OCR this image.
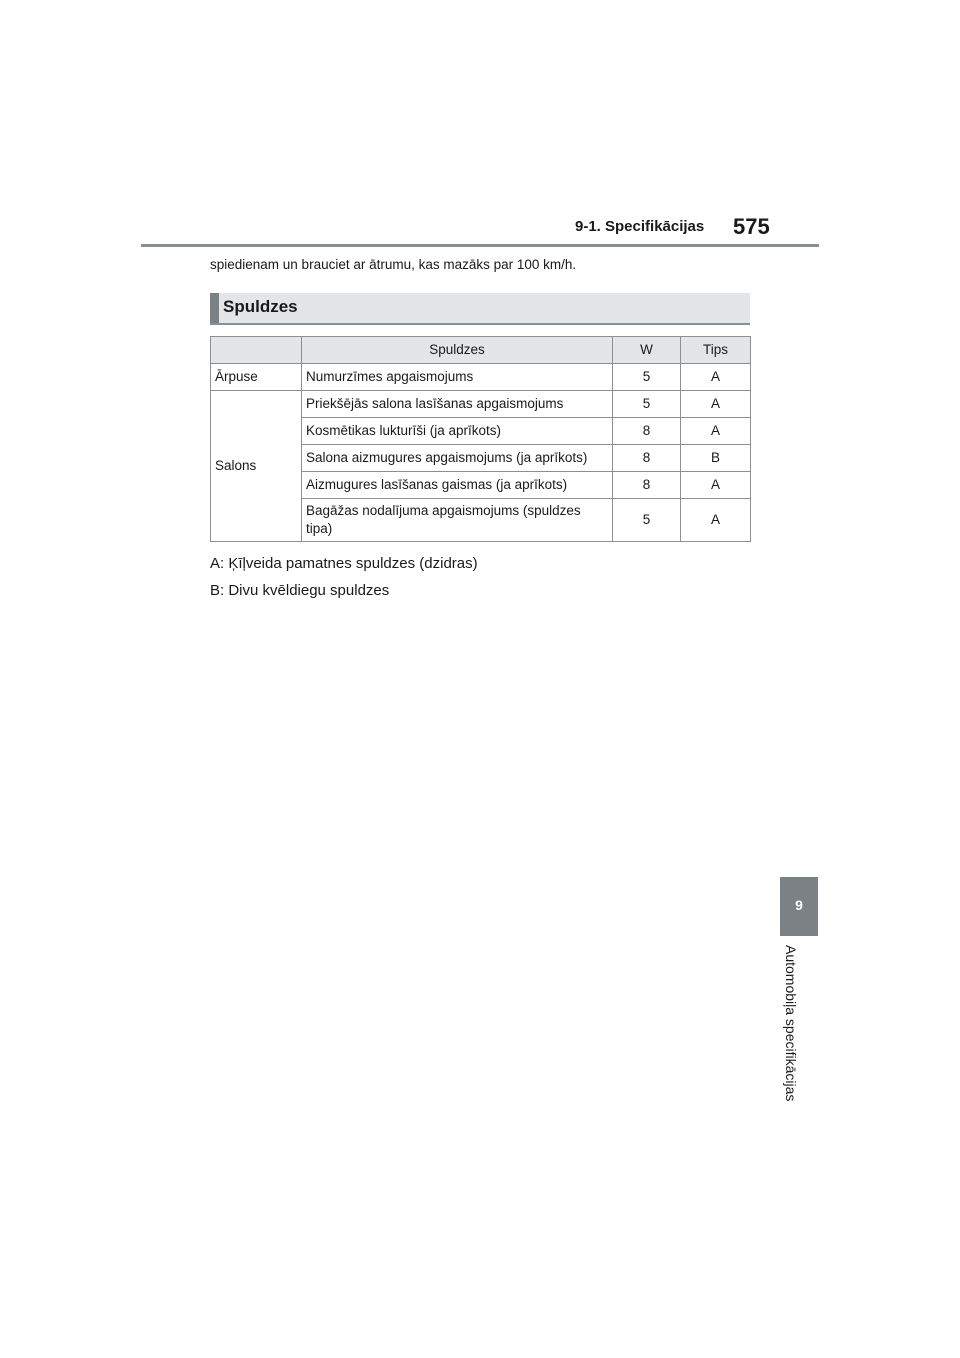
9-1. Specifikācijas 575
spiedienam un brauciet ar ātrumu, kas mazāks par 100 km/h.
Spuldzes
	Spuldzes	W	Tips
Ārpuse	Numurzīmes apgaismojums	5	A
Salons	Priekšējās salona lasīšanas apgaismojums	5	A
	Kosmētikas lukturīši (ja aprīkots)	8	A
	Salona aizmugures apgaismojums (ja aprīkots)	8	B
	Aizmugures lasīšanas gaismas (ja aprīkots)	8	A
	Bagāžas nodalījuma apgaismojums (spuldzes tipa)	5	A
A: Ķīļveida pamatnes spuldzes (dzidras)
B: Divu kvēldiegu spuldzes
9
Automobiļa specifikācijas
